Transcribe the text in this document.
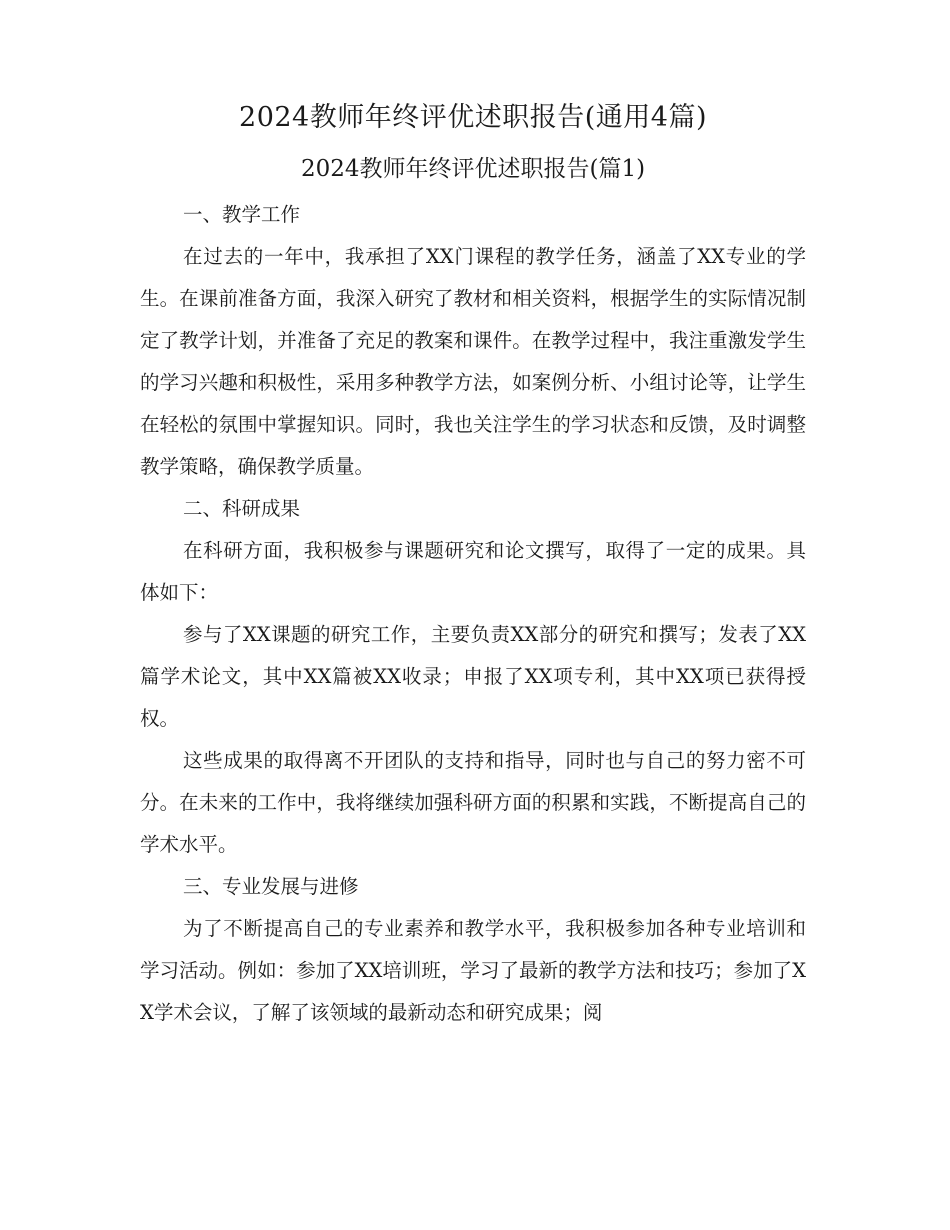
2024教师年终评优述职报告(通用4篇)
2024教师年终评优述职报告(篇1)

一、教学工作

在过去的一年中，我承担了XX门课程的教学任务，涵盖了XX专业的学生。在课前准备方面，我深入研究了教材和相关资料，根据学生的实际情况制定了教学计划，并准备了充足的教案和课件。在教学过程中，我注重激发学生的学习兴趣和积极性，采用多种教学方法，如案例分析、小组讨论等，让学生在轻松的氛围中掌握知识。同时，我也关注学生的学习状态和反馈，及时调整教学策略，确保教学质量。

二、科研成果

在科研方面，我积极参与课题研究和论文撰写，取得了一定的成果。具体如下：

参与了XX课题的研究工作，主要负责XX部分的研究和撰写；发表了XX篇学术论文，其中XX篇被XX收录；申报了XX项专利，其中XX项已获得授权。

这些成果的取得离不开团队的支持和指导，同时也与自己的努力密不可分。在未来的工作中，我将继续加强科研方面的积累和实践，不断提高自己的学术水平。

三、专业发展与进修

为了不断提高自己的专业素养和教学水平，我积极参加各种专业培训和学习活动。例如：参加了XX培训班，学习了最新的教学方法和技巧；参加了XX学术会议，了解了该领域的最新动态和研究成果；阅
